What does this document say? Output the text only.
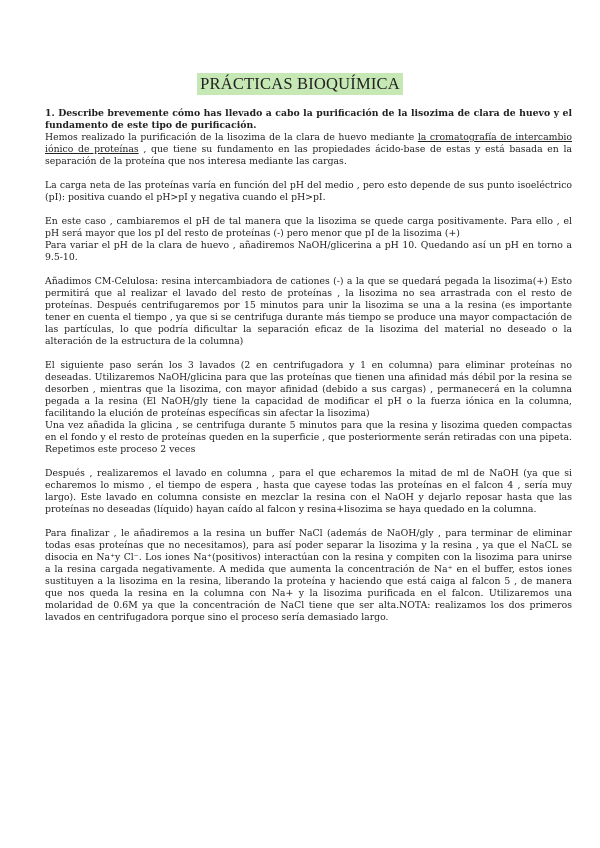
PRÁCTICAS BIOQUÍMICA

1. Describe brevemente cómo has llevado a cabo la purificación de la lisozima de clara de huevo y el fundamento de este tipo de purificación.

Hemos realizado la purificación de la lisozima de la clara de huevo mediante la cromatografía de intercambio iónico de proteínas , que tiene su fundamento en las propiedades ácido-base de estas y está basada en la separación de la proteína que nos interesa mediante las cargas.

La carga neta de las proteínas varía en función del pH del medio , pero esto depende de sus punto isoeléctrico (pI): positiva cuando el pH>pI y negativa cuando el pH>pI.

En este caso , cambiaremos el pH de tal manera que la lisozima se quede carga positivamente. Para ello , el pH será mayor que los pI del resto de proteínas (-) pero menor que pI de la lisozima (+)
Para variar el pH de la clara de huevo , añadiremos NaOH/glicerina a pH 10. Quedando así un pH en torno a 9.5-10.

Añadimos CM-Celulosa: resina intercambiadora de cationes (-) a la que se quedará pegada la lisozima(+) Esto permitirá que al realizar el lavado del resto de proteínas , la lisozima no sea arrastrada con el resto de proteínas. Después centrifugaremos por 15 minutos para unir la lisozima se una a la resina (es importante tener en cuenta el tiempo , ya que si se centrifuga durante más tiempo se produce una mayor compactación de las partículas, lo que podría dificultar la separación eficaz de la lisozima del material no deseado o la alteración de la estructura de la columna)

El siguiente paso serán los 3 lavados (2 en centrifugadora y 1 en columna) para eliminar proteínas no deseadas. Utilizaremos NaOH/glicina para que las proteínas que tienen una afinidad más débil por la resina se desorben , mientras que la lisozima, con mayor afinidad (debido a sus cargas) , permanecerá en la columna pegada a la resina (El NaOH/gly tiene la capacidad de modificar el pH o la fuerza iónica en la columna, facilitando la elución de proteínas específicas sin afectar la lisozima)
Una vez añadida la glicina , se centrifuga durante 5 minutos para que la resina y lisozima queden compactas en el fondo y el resto de proteínas queden en la superficie , que posteriormente serán retiradas con una pipeta. Repetimos este proceso 2 veces

Después , realizaremos el lavado en columna , para el que echaremos la mitad de ml de NaOH (ya que si echaremos lo mismo , el tiempo de espera , hasta que cayese todas las proteínas en el falcon 4 , sería muy largo). Este lavado en columna consiste en mezclar la resina con el NaOH y dejarlo reposar hasta que las proteínas no deseadas (líquido) hayan caído al falcon y resina+lisozima se haya quedado en la columna.

Para finalizar , le añadiremos a la resina un buffer NaCl (además de NaOH/gly , para terminar de eliminar todas esas proteínas que no necesitamos), para así poder separar la lisozima y la resina , ya que el NaCL se disocia en Na⁺y Cl⁻. Los iones Na⁺(positivos) interactúan con la resina y compiten con la lisozima para unirse a la resina cargada negativamente. A medida que aumenta la concentración de Na⁺ en el buffer, estos iones sustituyen a la lisozima en la resina, liberando la proteína y haciendo que está caiga al falcon 5 , de manera que nos queda la resina en la columna con Na+ y la lisozima purificada en el falcon. Utilizaremos una molaridad de 0.6M ya que la concentración de NaCl tiene que ser alta.NOTA: realizamos los dos primeros lavados en centrifugadora porque sino el proceso sería demasiado largo.
